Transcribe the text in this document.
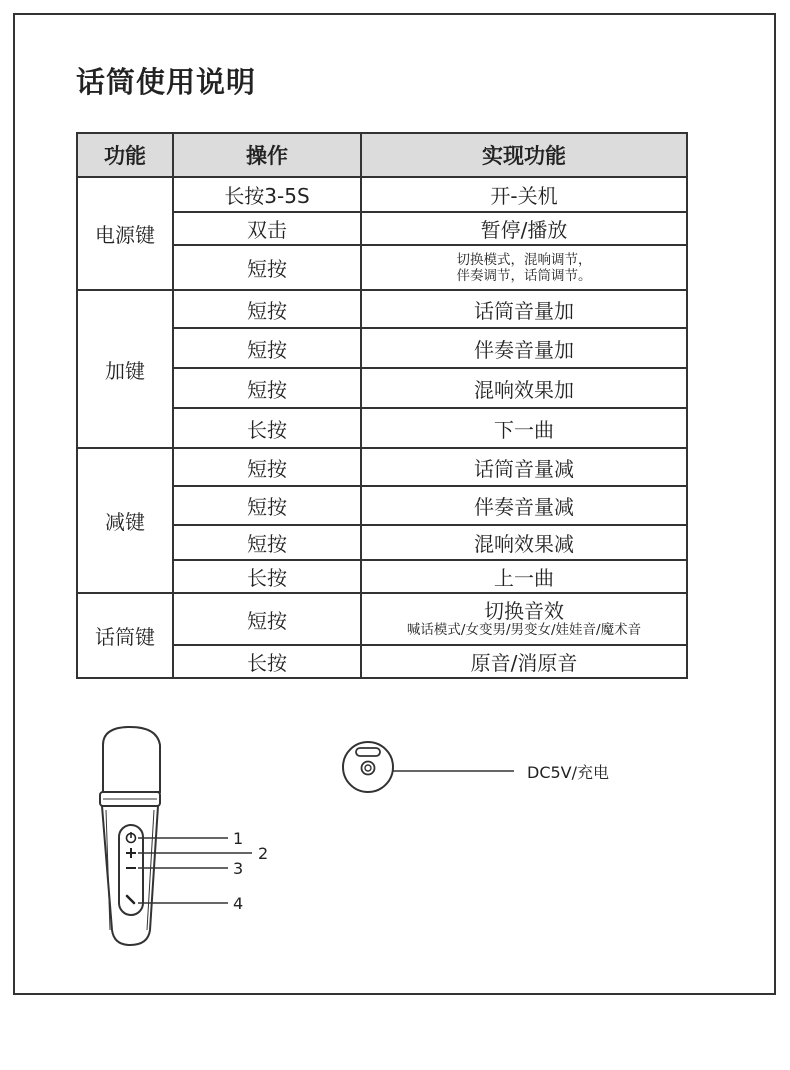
话筒使用说明
功能	操作	实现功能
电源键	长按3-5S	开-关机
	双击	暂停/播放
	短按	切换模式，混响调节，
伴奏调节，话筒调节。

加键	短按	话筒音量加
	短按	伴奏音量加
	短按	混响效果加
	长按	下一曲
减键	短按	话筒音量减
	短按	伴奏音量减
	短按	混响效果减
	长按	上一曲
话筒键	短按	切换音效
喊话模式/女变男/男变女/娃娃音/魔术音

	长按	原音/消原音
1
2
3
4
DC5V/充电
